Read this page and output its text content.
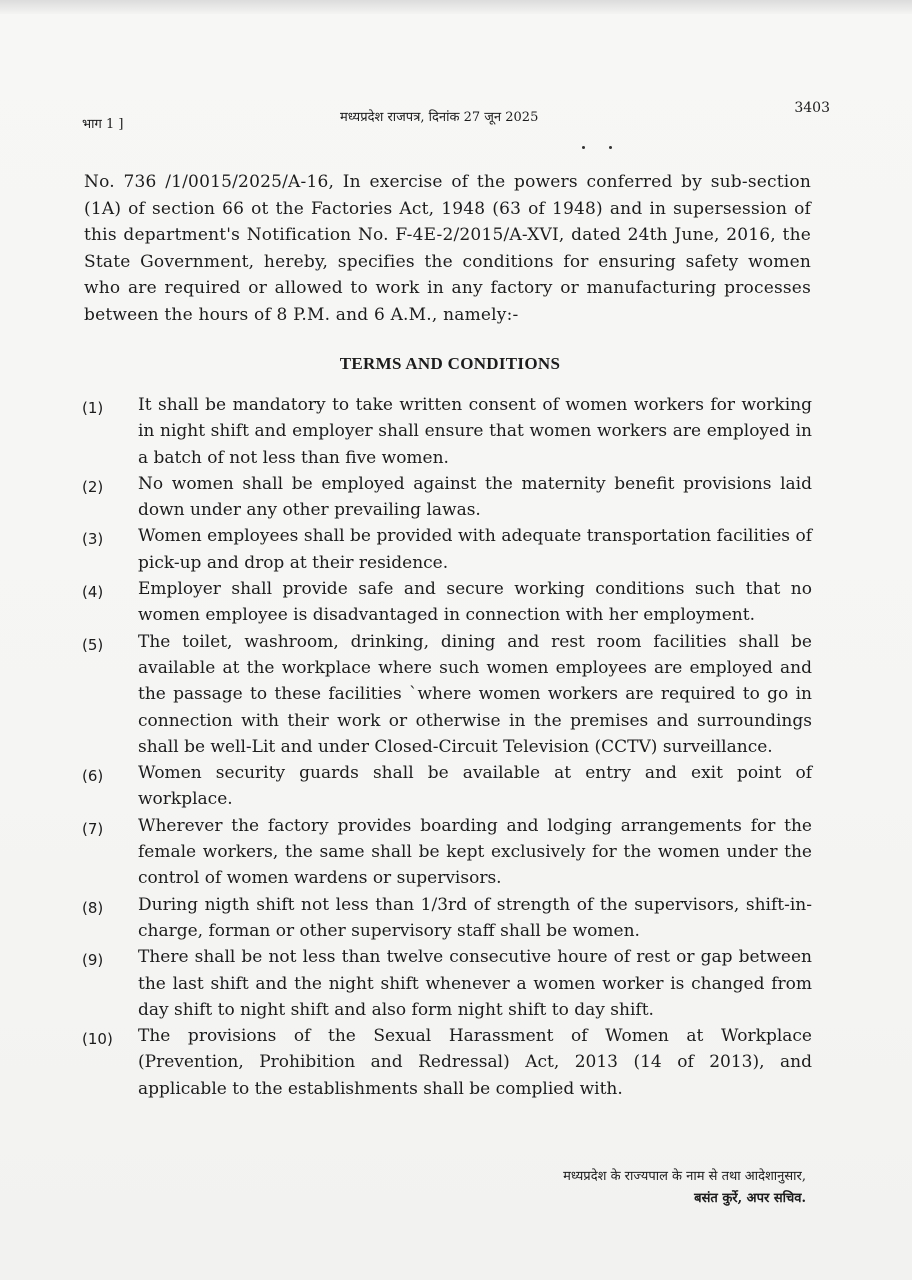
भाग 1 ]	मध्यप्रदेश राजपत्र, दिनांक 27 जून 2025
3403

No. 736 /1/0015/2025/A-16, In exercise of the powers conferred by sub-section (1A) of section 66 ot the Factories Act, 1948 (63 of 1948) and in supersession of this department's Notification No. F-4E-2/2015/A-XVI, dated 24th June, 2016, the State Government, hereby, specifies the conditions for ensuring safety women who are required or allowed to work in any factory or manufacturing processes between the hours of 8 P.M. and 6 A.M., namely:-

TERMS AND CONDITIONS

(1) It shall be mandatory to take written consent of women workers for working in night shift and employer shall ensure that women workers are employed in a batch of not less than five women.

(2) No women shall be employed against the maternity benefit provisions laid down under any other prevailing lawas.

(3) Women employees shall be provided with adequate transportation facilities of pick-up and drop at their residence.

(4) Employer shall provide safe and secure working conditions such that no women employee is disadvantaged in connection with her employment.

(5) The toilet, washroom, drinking, dining and rest room facilities shall be available at the workplace where such women employees are employed and the passage to these facilities `where women workers are required to go in connection with their work or otherwise in the premises and surroundings shall be well-Lit and under Closed-Circuit Television (CCTV) surveillance.

(6) Women security guards shall be available at entry and exit point of workplace.

(7) Wherever the factory provides boarding and lodging arrangements for the female workers, the same shall be kept exclusively for the women under the control of women wardens or supervisors.

(8) During nigth shift not less than 1/3rd of strength of the supervisors, shift-in-charge, forman or other supervisory staff shall be women.

(9) There shall be not less than twelve consecutive houre of rest or gap between the last shift and the night shift whenever a women worker is changed from day shift to night shift and also form night shift to day shift.

(10) The provisions of the Sexual Harassment of Women at Workplace (Prevention, Prohibition and Redressal) Act, 2013 (14 of 2013), and applicable to the establishments shall be complied with.

मध्यप्रदेश के राज्यपाल के नाम से तथा आदेशानुसार,
बसंत कुर्रे, अपर सचिव.
